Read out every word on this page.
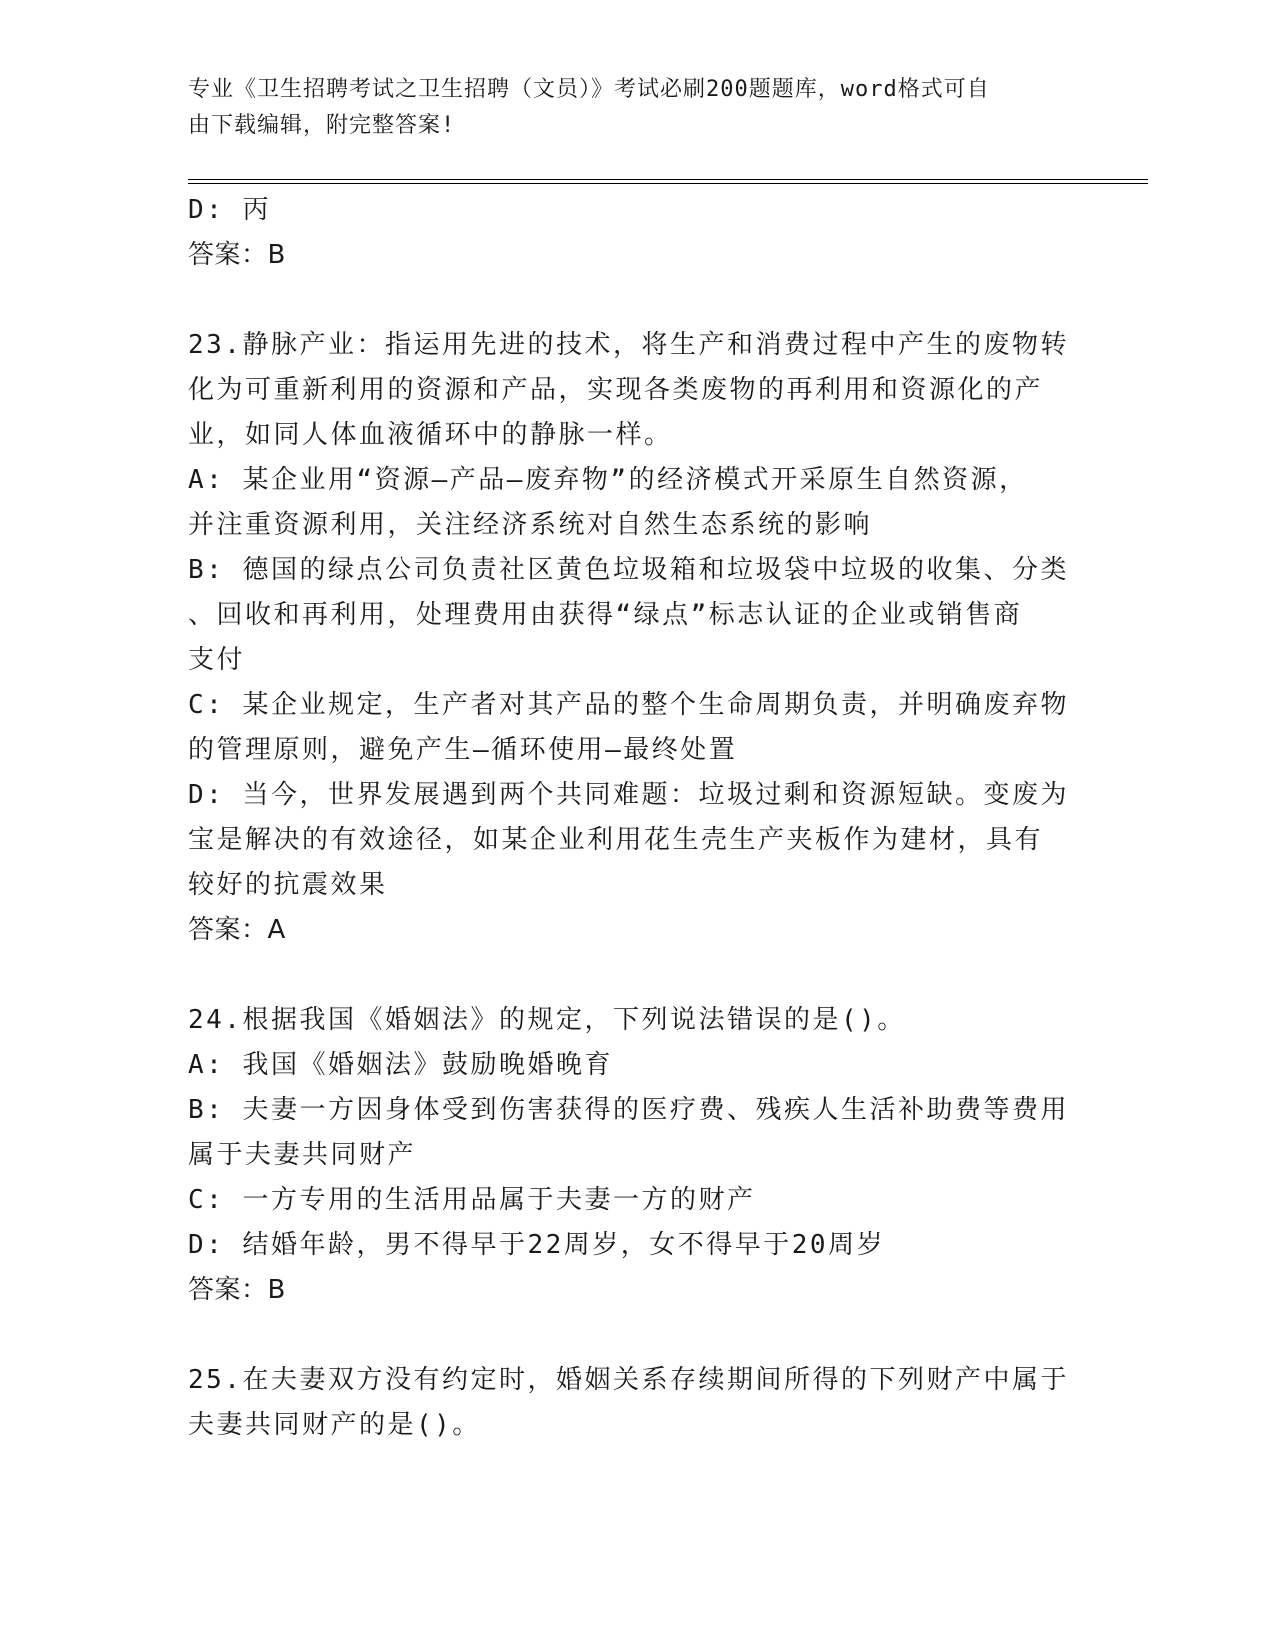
专业《卫生招聘考试之卫生招聘（文员）》考试必刷200题题库，word格式可自
由下载编辑，附完整答案!
D: 丙
答案：B
23.静脉产业：指运用先进的技术，将生产和消费过程中产生的废物转
化为可重新利用的资源和产品，实现各类废物的再利用和资源化的产
业，如同人体血液循环中的静脉一样。
A: 某企业用“资源—产品—废弃物”的经济模式开采原生自然资源，
并注重资源利用，关注经济系统对自然生态系统的影响
B: 德国的绿点公司负责社区黄色垃圾箱和垃圾袋中垃圾的收集、分类
、回收和再利用，处理费用由获得“绿点”标志认证的企业或销售商
支付
C: 某企业规定，生产者对其产品的整个生命周期负责，并明确废弃物
的管理原则，避免产生—循环使用—最终处置
D: 当今，世界发展遇到两个共同难题：垃圾过剩和资源短缺。变废为
宝是解决的有效途径，如某企业利用花生壳生产夹板作为建材，具有
较好的抗震效果
答案：A
24.根据我国《婚姻法》的规定，下列说法错误的是()。
A: 我国《婚姻法》鼓励晚婚晚育
B: 夫妻一方因身体受到伤害获得的医疗费、残疾人生活补助费等费用
属于夫妻共同财产
C: 一方专用的生活用品属于夫妻一方的财产
D: 结婚年龄，男不得早于22周岁，女不得早于20周岁
答案：B
25.在夫妻双方没有约定时，婚姻关系存续期间所得的下列财产中属于
夫妻共同财产的是()。
